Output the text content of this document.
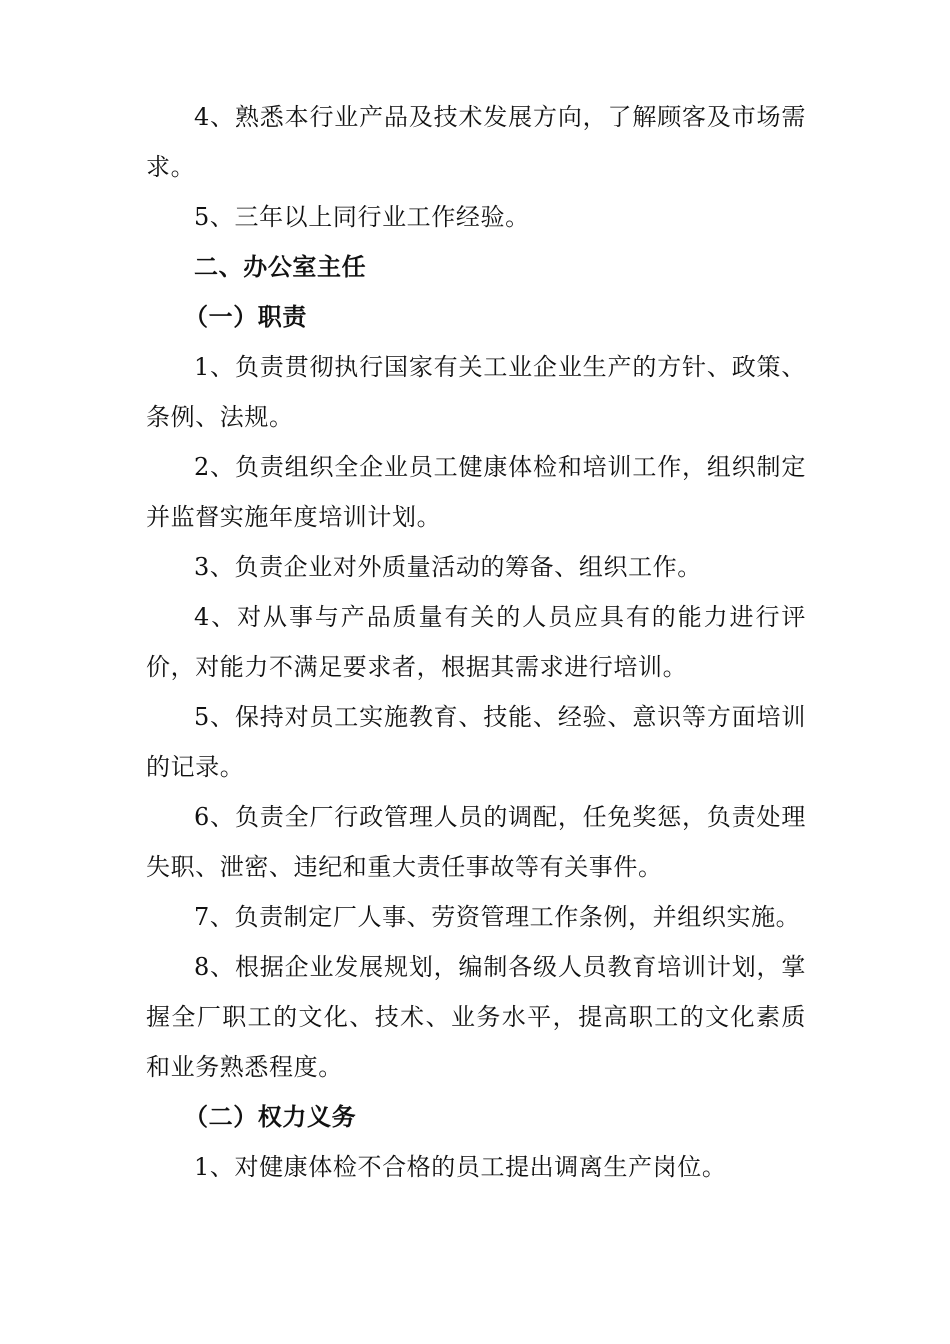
4、熟悉本行业产品及技术发展方向，了解顾客及市场需求。

5、三年以上同行业工作经验。

二、办公室主任

（一）职责

1、负责贯彻执行国家有关工业企业生产的方针、政策、条例、法规。

2、负责组织全企业员工健康体检和培训工作，组织制定并监督实施年度培训计划。

3、负责企业对外质量活动的筹备、组织工作。

4、对从事与产品质量有关的人员应具有的能力进行评价，对能力不满足要求者，根据其需求进行培训。

5、保持对员工实施教育、技能、经验、意识等方面培训的记录。

6、负责全厂行政管理人员的调配，任免奖惩，负责处理失职、泄密、违纪和重大责任事故等有关事件。

7、负责制定厂人事、劳资管理工作条例，并组织实施。

8、根据企业发展规划，编制各级人员教育培训计划，掌握全厂职工的文化、技术、业务水平，提高职工的文化素质和业务熟悉程度。

（二）权力义务

1、对健康体检不合格的员工提出调离生产岗位。
